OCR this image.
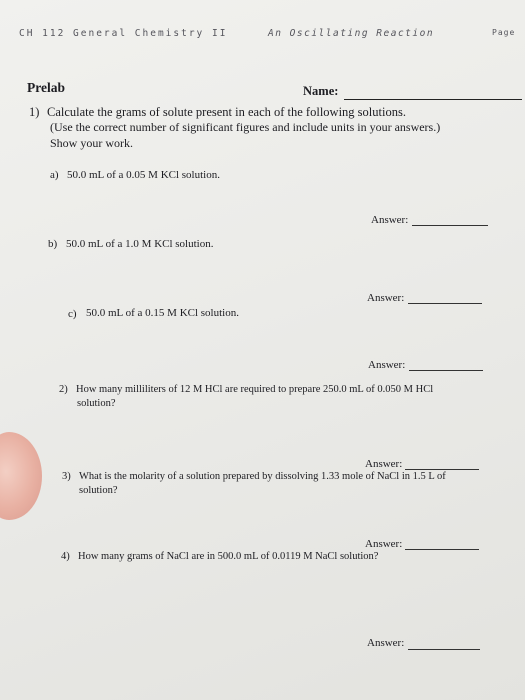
CH 112 General Chemistry II	An Oscillating Reaction	Page
Prelab	Name:
1) Calculate the grams of solute present in each of the following solutions.
(Use the correct number of significant figures and include units in your answers.)
Show your work.
a) 50.0 mL of a 0.05 M KCl solution.
Answer:
b) 50.0 mL of a 1.0 M KCl solution.
Answer:
c) 50.0 mL of a 0.15 M KCl solution.
Answer:
2) How many milliliters of 12 M HCl are required to prepare 250.0 mL of 0.050 M HCl
solution?
Answer:
3) What is the molarity of a solution prepared by dissolving 1.33 mole of NaCl in 1.5 L of
solution?
Answer:
4) How many grams of NaCl are in 500.0 mL of 0.0119 M NaCl solution?
Answer:
